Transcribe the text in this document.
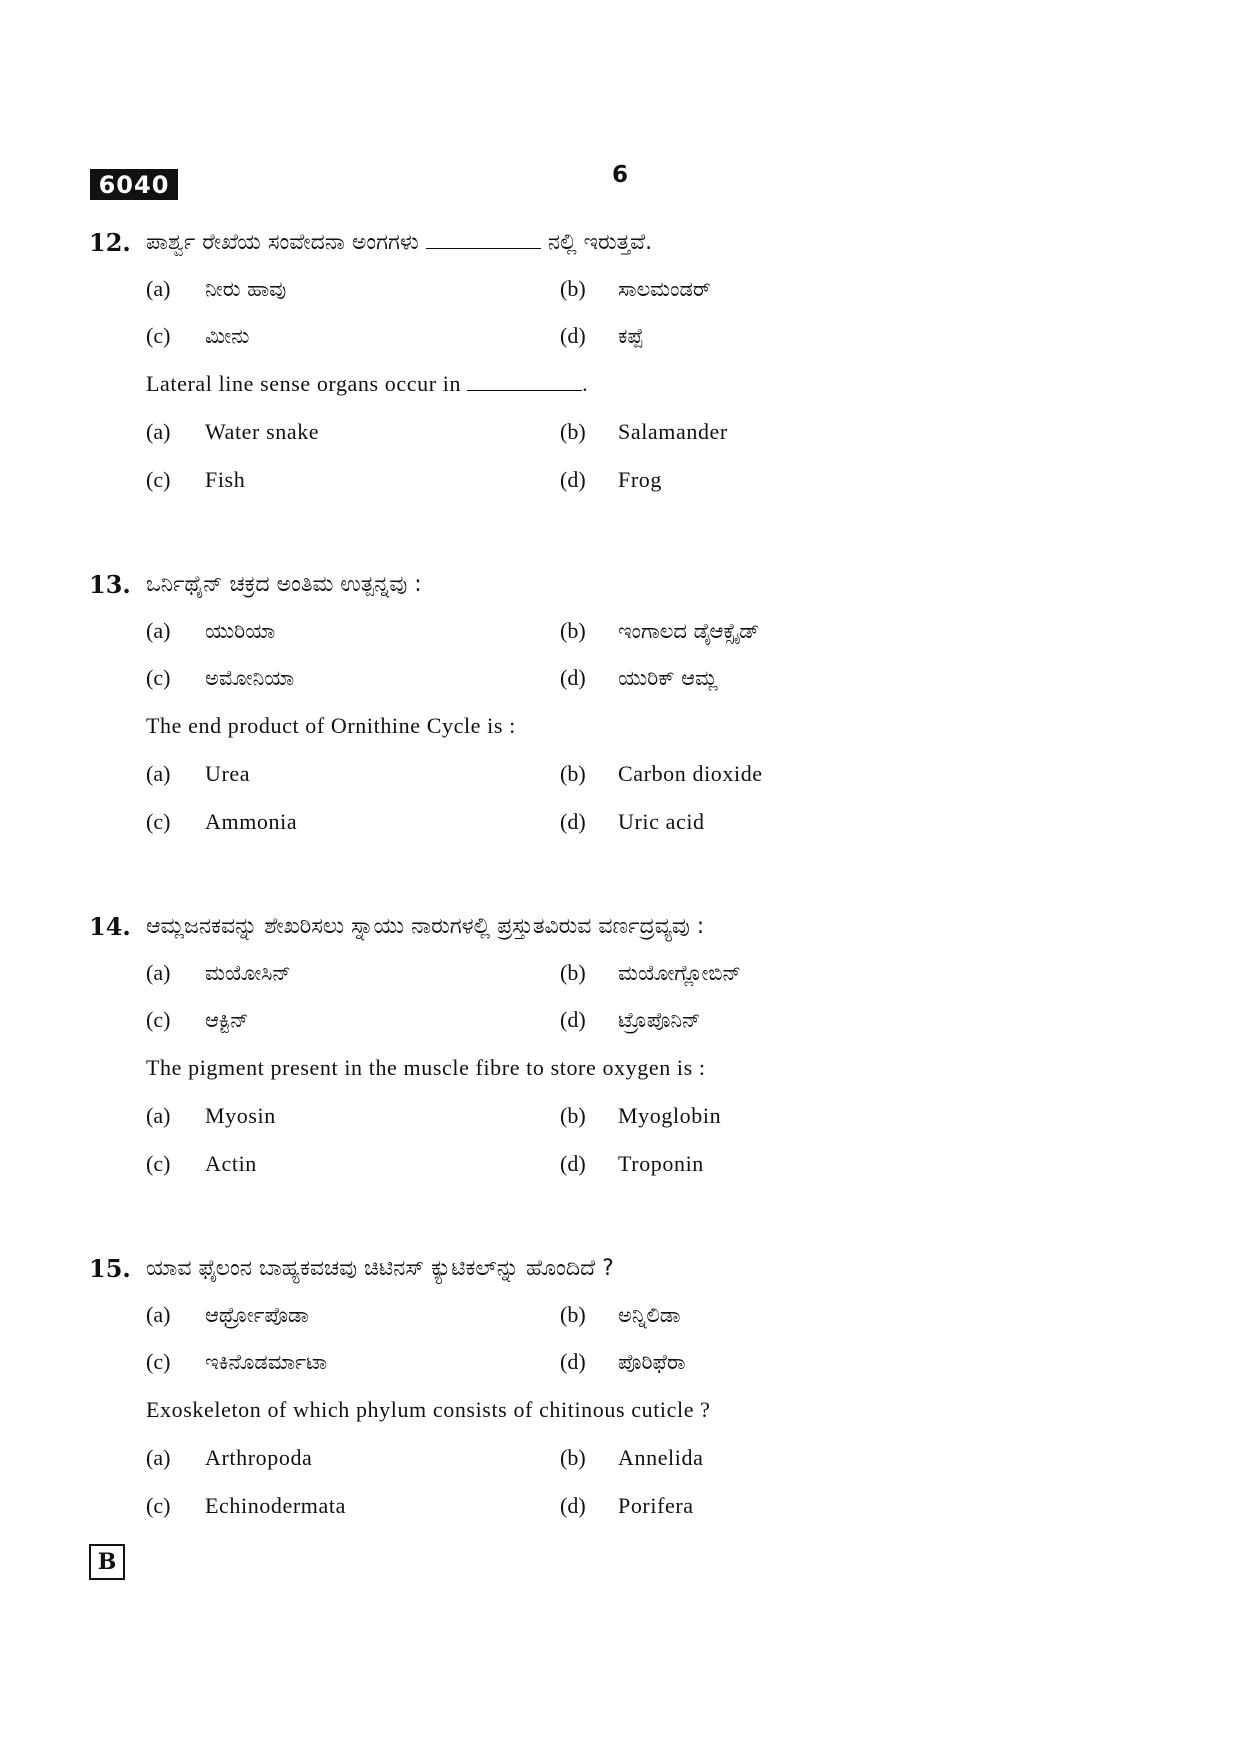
6040	6
12. ಪಾರ್ಶ್ವ ರೇಖೆಯ ಸಂವೇದನಾ ಅಂಗಗಳು	ನಲ್ಲಿ ಇರುತ್ತವೆ.
(a) ನೀರು ಹಾವು	(b) ಸಾಲಮಂಡರ್
(c) ಮೀನು	(d) ಕಪ್ಪೆ
Lateral line sense organs occur in	.
(a) Water snake	(b) Salamander
(c) Fish	(d) Frog
13. ಒರ್ನಿಥೈನ್ ಚಕ್ರದ ಅಂತಿಮ ಉತ್ಪನ್ನವು :
(a) ಯುರಿಯಾ	(b) ಇಂಗಾಲದ ಡೈಆಕ್ಸೈಡ್
(c) ಅಮೋನಿಯಾ	(d) ಯುರಿಕ್ ಆಮ್ಲ
The end product of Ornithine Cycle is :
(a) Urea	(b) Carbon dioxide
(c) Ammonia	(d) Uric acid
14. ಆಮ್ಲಜನಕವನ್ನು ಶೇಖರಿಸಲು ಸ್ನಾಯು ನಾರುಗಳಲ್ಲಿ ಪ್ರಸ್ತುತವಿರುವ ವರ್ಣದ್ರವ್ಯವು :
(a) ಮಯೋಸಿನ್	(b) ಮಯೋಗ್ಲೋಬಿನ್
(c) ಆಕ್ಟಿನ್	(d) ಟ್ರೊಪೊನಿನ್
The pigment present in the muscle fibre to store oxygen is :
(a) Myosin	(b) Myoglobin
(c) Actin	(d) Troponin
15. ಯಾವ ಫೈಲಂನ ಬಾಹ್ಯಕವಚವು ಚಿಟಿನಸ್ ಕ್ಯುಟಿಕಲ್‌ನ್ನು ಹೊಂದಿದೆ ?
(a) ಆರ್ಥ್ರೋಪೊಡಾ	(b) ಅನ್ನಿಲಿಡಾ
(c) ಇಕಿನೊಡರ್ಮಾಟಾ	(d) ಪೊರಿಫೆರಾ
Exoskeleton of which phylum consists of chitinous cuticle ?
(a) Arthropoda	(b) Annelida
(c) Echinodermata	(d) Porifera
B
